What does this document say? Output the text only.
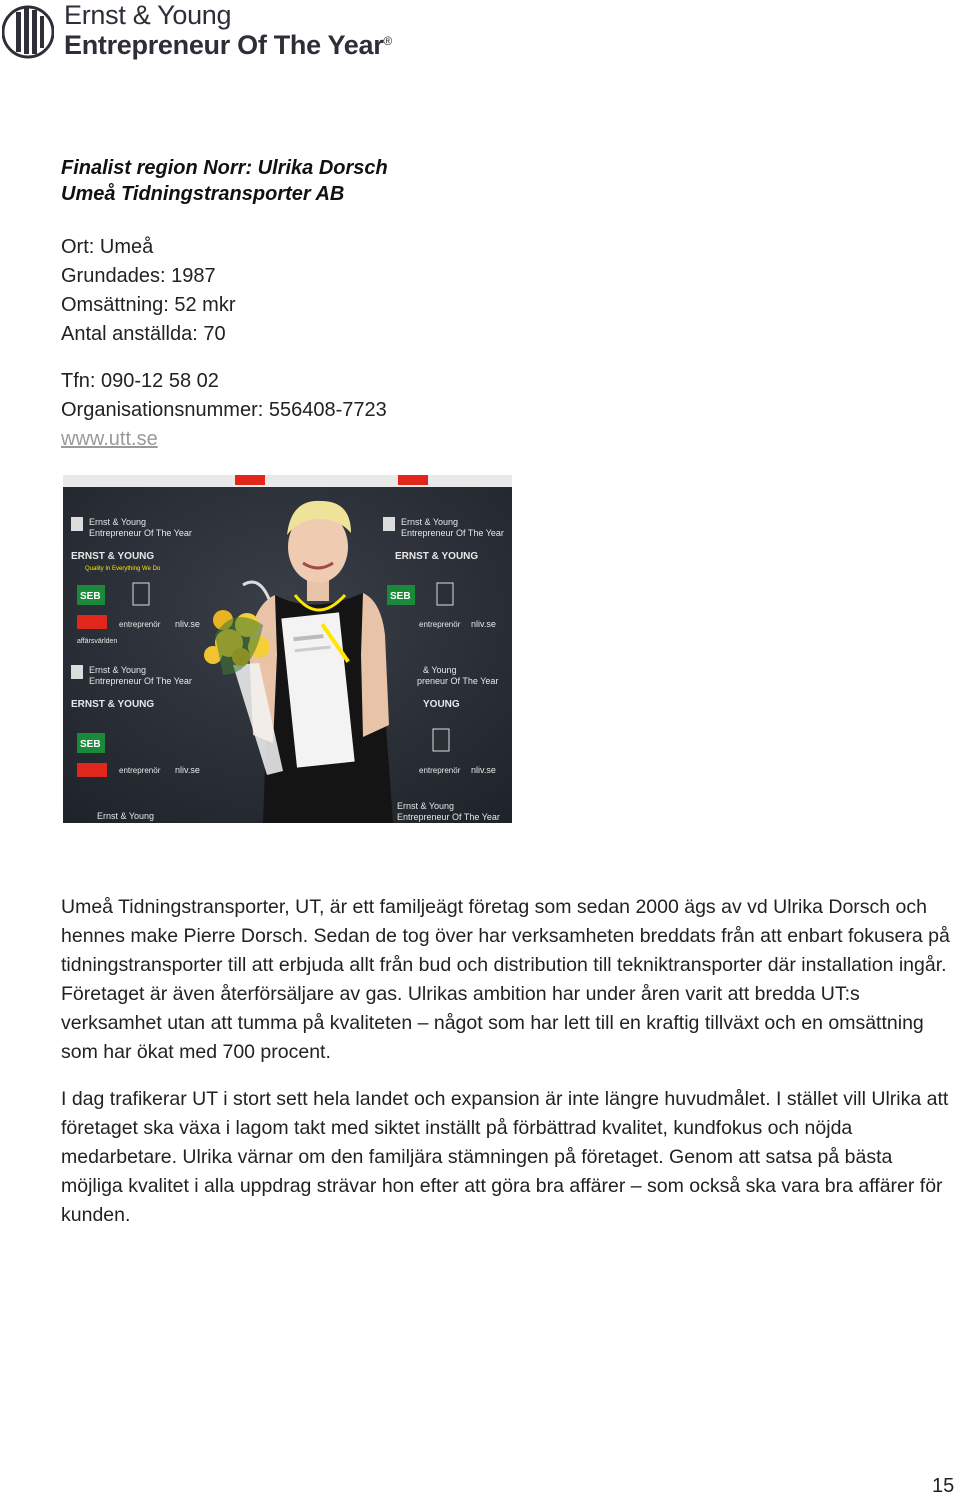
Ernst & Young
Entrepreneur Of The Year®
Finalist region Norr: Ulrika Dorsch
Umeå Tidningstransporter AB
Ort: Umeå
Grundades: 1987
Omsättning: 52 mkr
Antal anställda: 70
Tfn: 090-12 58 02
Organisationsnummer: 556408-7723
www.utt.se
Ernst & Young
Entrepreneur Of The Year
ERNST & YOUNG
Quality In Everything We Do
SEB
affärsvärlden
entreprenör nliv.se
Ernst & Young
Entrepreneur Of The Year
ERNST & YOUNG
SEB
entreprenör nliv.se
Ernst & Young
Ernst & Young
Entrepreneur Of The Year
ERNST & YOUNG
SEB
entreprenör nliv.se
& Young
preneur Of The Year
YOUNG
entreprenör nliv.se
Ernst & Young
Entrepreneur Of The Year

Umeå Tidningstransporter, UT, är ett familjeägt företag som sedan 2000 ägs av vd Ulrika Dorsch och hennes make Pierre Dorsch. Sedan de tog över har verksamheten breddats från att enbart fokusera på tidningstransporter till att erbjuda allt från bud och distribution till tekniktransporter där installation ingår. Företaget är även återförsäljare av gas. Ulrikas ambition har under åren varit att bredda UT:s verksamhet utan att tumma på kvaliteten – något som har lett till en kraftig tillväxt och en omsättning som har ökat med 700 procent.

I dag trafikerar UT i stort sett hela landet och expansion är inte längre huvudmålet. I stället vill Ulrika att företaget ska växa i lagom takt med siktet inställt på förbättrad kvalitet, kundfokus och nöjda medarbetare. Ulrika värnar om den familjära stämningen på företaget. Genom att satsa på bästa möjliga kvalitet i alla uppdrag strävar hon efter att göra bra affärer – som också ska vara bra affärer för kunden.

15
